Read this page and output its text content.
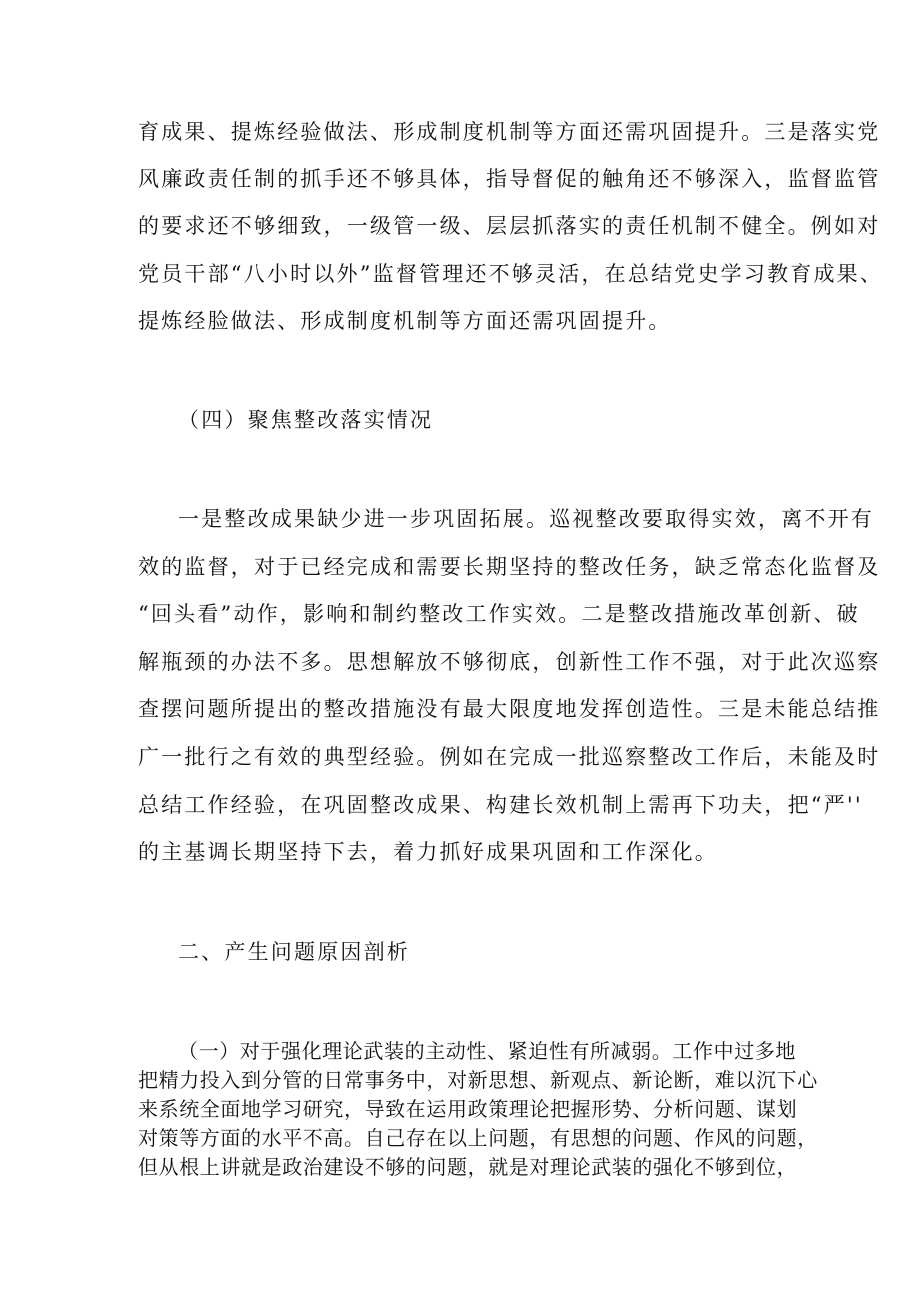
育成果、提炼经验做法、形成制度机制等方面还需巩固提升。三是落实党
风廉政责任制的抓手还不够具体，指导督促的触角还不够深入，监督监管
的要求还不够细致，一级管一级、层层抓落实的责任机制不健全。例如对
党员干部“八小时以外”监督管理还不够灵活，在总结党史学习教育成果、
提炼经脸做法、形成制度机制等方面还需巩固提升。
（四）聚焦整改落实情况
一是整改成果缺少进一步巩固拓展。巡视整改要取得实效，离不开有
效的监督，对于已经完成和需要长期坚持的整改任务，缺乏常态化监督及
“回头看”动作，影响和制约整改工作实效。二是整改措施改革创新、破
解瓶颈的办法不多。思想解放不够彻底，创新性工作不强，对于此次巡察
查摆问题所提出的整改措施没有最大限度地发挥创造性。三是未能总结推
广一批行之有效的典型经验。例如在完成一批巡察整改工作后，未能及时
总结工作经验，在巩固整改成果、构建长效机制上需再下功夫，把“严''
的主基调长期坚持下去，着力抓好成果巩固和工作深化。
二、产生问题原因剖析
（一）对于强化理论武装的主动性、紧迫性有所减弱。工作中过多地
把精力投入到分管的日常事务中，对新思想、新观点、新论断，难以沉下心
来系统全面地学习研究，导致在运用政策理论把握形势、分析问题、谋划
对策等方面的水平不高。自己存在以上问题，有思想的问题、作风的问题，
但从根上讲就是政治建设不够的问题，就是对理论武装的强化不够到位，
